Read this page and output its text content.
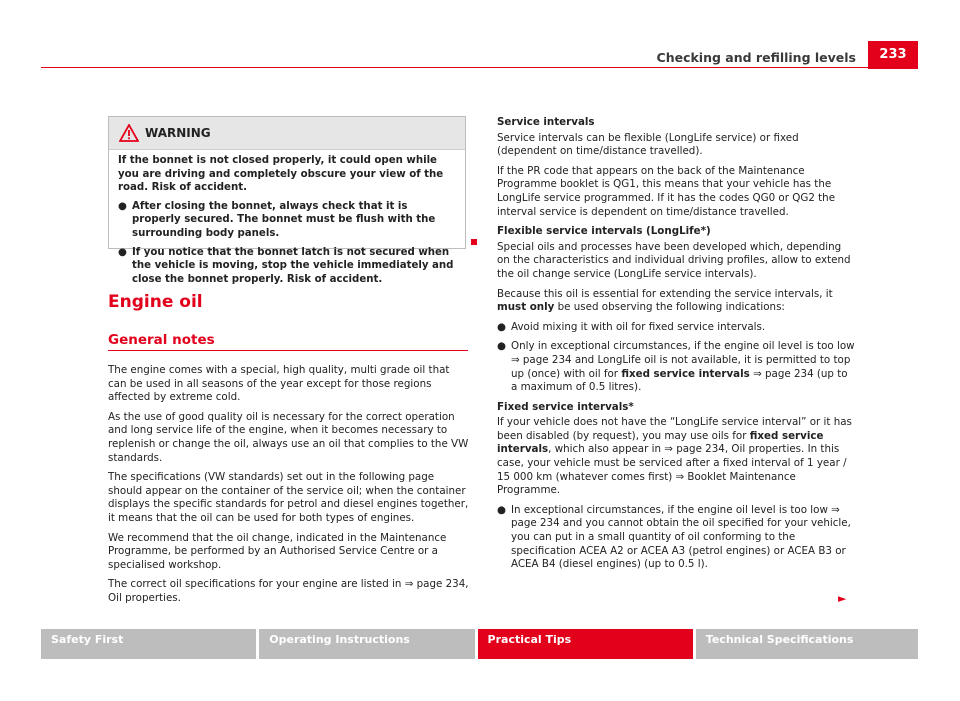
Checking and refilling levels	233
WARNING

If the bonnet is not closed properly, it could open while you are driving and completely obscure your view of the road. Risk of accident.

● After closing the bonnet, always check that it is properly secured. The bonnet must be flush with the surrounding body panels.
● If you notice that the bonnet latch is not secured when the vehicle is moving, stop the vehicle immediately and close the bonnet properly. Risk of accident.
Engine oil
General notes

The engine comes with a special, high quality, multi grade oil that can be used in all seasons of the year except for those regions affected by extreme cold.

As the use of good quality oil is necessary for the correct operation and long service life of the engine, when it becomes necessary to replenish or change the oil, always use an oil that complies to the VW standards.

The specifications (VW standards) set out in the following page should appear on the container of the service oil; when the container displays the specific standards for petrol and diesel engines together, it means that the oil can be used for both types of engines.

We recommend that the oil change, indicated in the Maintenance Programme, be performed by an Authorised Service Centre or a specialised workshop.

The correct oil specifications for your engine are listed in ⇒ page 234, Oil properties.

Service intervals

Service intervals can be flexible (LongLife service) or fixed (dependent on time/distance travelled).

If the PR code that appears on the back of the Maintenance Programme booklet is QG1, this means that your vehicle has the LongLife service programmed. If it has the codes QG0 or QG2 the interval service is dependent on time/distance travelled.

Flexible service intervals (LongLife*)

Special oils and processes have been developed which, depending on the characteristics and individual driving profiles, allow to extend the oil change service (LongLife service intervals).

Because this oil is essential for extending the service intervals, it must only be used observing the following indications:

● Avoid mixing it with oil for fixed service intervals.
● Only in exceptional circumstances, if the engine oil level is too low ⇒ page 234 and LongLife oil is not available, it is permitted to top up (once) with oil for fixed service intervals ⇒ page 234 (up to a maximum of 0.5 litres).

Fixed service intervals*

If your vehicle does not have the “LongLife service interval” or it has been disabled (by request), you may use oils for fixed service intervals, which also appear in ⇒ page 234, Oil properties. In this case, your vehicle must be serviced after a fixed interval of 1 year / 15 000 km (whatever comes first) ⇒ Booklet Maintenance Programme.

● In exceptional circumstances, if the engine oil level is too low ⇒ page 234 and you cannot obtain the oil specified for your vehicle, you can put in a small quantity of oil conforming to the specification ACEA A2 or ACEA A3 (petrol engines) or ACEA B3 or ACEA B4 (diesel engines) (up to 0.5 l).
►
Safety First	Operating Instructions	Practical Tips	Technical Specifications
